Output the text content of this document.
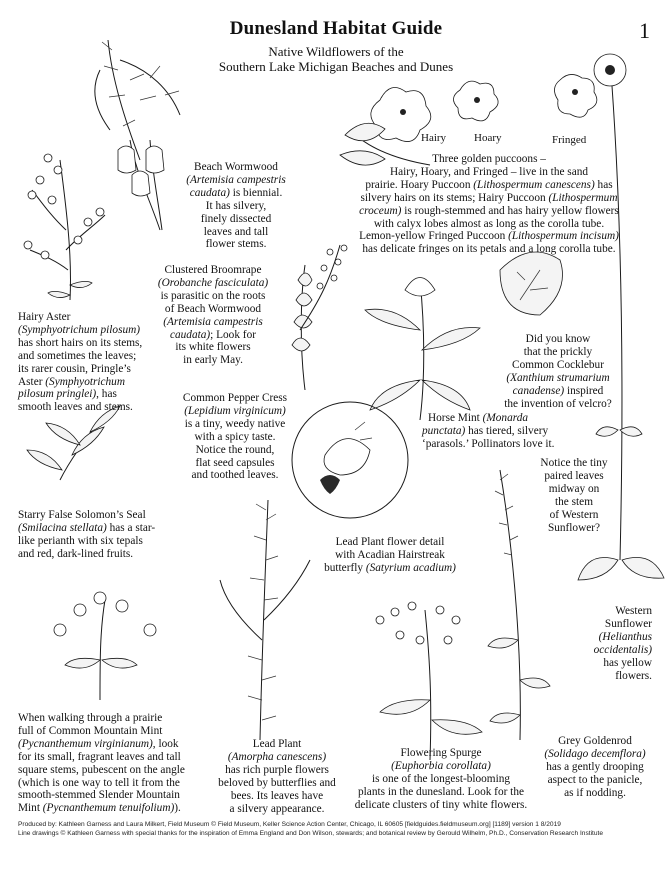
Dunesland Habitat Guide	1
Native Wildflowers of the
Southern Lake Michigan Beaches and Dunes
Hairy	Hoary	Fringed
Three golden puccoons –
Hairy, Hoary, and Fringed – live in the sand
prairie. Hoary Puccoon (Lithospermum canescens) has
silvery hairs on its stems; Hairy Puccoon (Lithospermum
croceum) is rough-stemmed and has hairy yellow flowers
with calyx lobes almost as long as the corolla tube.
Lemon-yellow Fringed Puccoon (Lithospermum incisum)
has delicate fringes on its petals and a long corolla tube.
Beach Wormwood
(Artemisia campestris
caudata) is biennial.
It has silvery,
finely dissected
leaves and tall
flower stems.
Clustered Broomrape
(Orobanche fasciculata)
is parasitic on the roots
of Beach Wormwood
(Artemisia campestris
caudata); Look for
its white flowers
in early May.
Hairy Aster
(Symphyotrichum pilosum)
has short hairs on its stems,
and sometimes the leaves;
its rarer cousin, Pringle’s
Aster (Symphyotrichum
pilosum pringlei), has
smooth leaves and stems.
Common Pepper Cress
(Lepidium virginicum)
is a tiny, weedy native
with a spicy taste.
Notice the round,
flat seed capsules
and toothed leaves.
Did you know
that the prickly
Common Cocklebur
(Xanthium strumarium
canadense) inspired
the invention of velcro?
Horse Mint (Monarda
punctata) has tiered, silvery
‘parasols.’ Pollinators love it.
Notice the tiny
paired leaves
midway on
the stem
of Western
Sunflower?
Starry False Solomon’s Seal
(Smilacina stellata) has a star-
like perianth with six tepals
and red, dark-lined fruits.
Lead Plant flower detail
with Acadian Hairstreak
butterfly (Satyrium acadium)
Western
Sunflower
(Helianthus
occidentalis)
has yellow
flowers.
When walking through a prairie
full of Common Mountain Mint
(Pycnanthemum virginianum), look
for its small, fragrant leaves and tall
square stems, pubescent on the angle
(which is one way to tell it from the
smooth-stemmed Slender Mountain
Mint (Pycnanthemum tenuifolium)).
Lead Plant
(Amorpha canescens)
has rich purple flowers
beloved by butterflies and
bees. Its leaves have
a silvery appearance.
Flowering Spurge
(Euphorbia corollata)
is one of the longest-blooming
plants in the dunesland. Look for the
delicate clusters of tiny white flowers.
Grey Goldenrod
(Solidago decemflora)
has a gently drooping
aspect to the panicle,
as if nodding.
Produced by: Kathleen Garness and Laura Milkert, Field Museum © Field Museum, Keller Science Action Center, Chicago, IL 60605 [fieldguides.fieldmuseum.org] [1189] version 1 8/2019
Line drawings © Kathleen Garness with special thanks for the inspiration of Emma England and Don Wilson, stewards; and botanical review by Gerould Wilhelm, Ph.D., Conservation Research Institute
